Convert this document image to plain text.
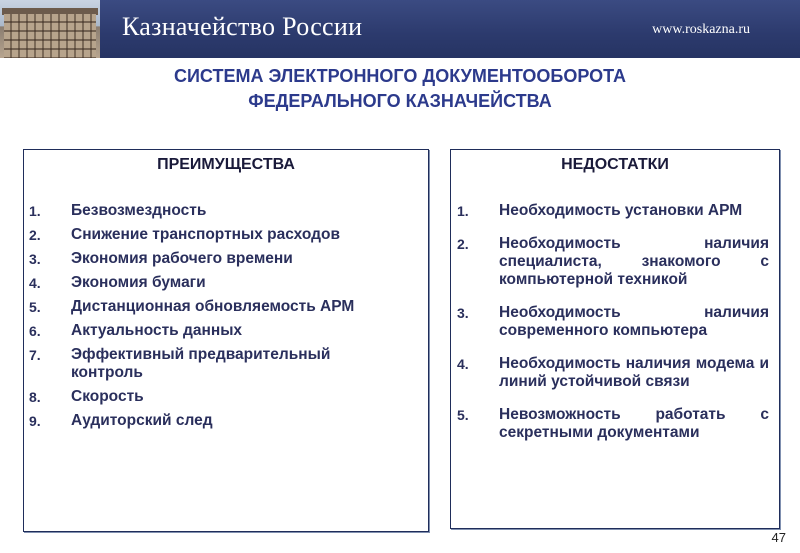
Казначейство России	www.roskazna.ru
СИСТЕМА ЭЛЕКТРОННОГО ДОКУМЕНТООБОРОТА
ФЕДЕРАЛЬНОГО КАЗНАЧЕЙСТВА
ПРЕИМУЩЕСТВА
1. Безвозмездность
2. Снижение транспортных расходов
3. Экономия рабочего времени
4. Экономия бумаги
5. Дистанционная обновляемость АРМ
6. Актуальность данных
7. Эффективный предварительный контроль
8. Скорость
9. Аудиторский след
НЕДОСТАТКИ
1. Необходимость установки АРМ
2. Необходимость наличия специалиста, знакомого с компьютерной техникой
3. Необходимость наличия современного компьютера
4. Необходимость наличия модема и линий устойчивой связи
5. Невозможность работать с секретными документами
47
